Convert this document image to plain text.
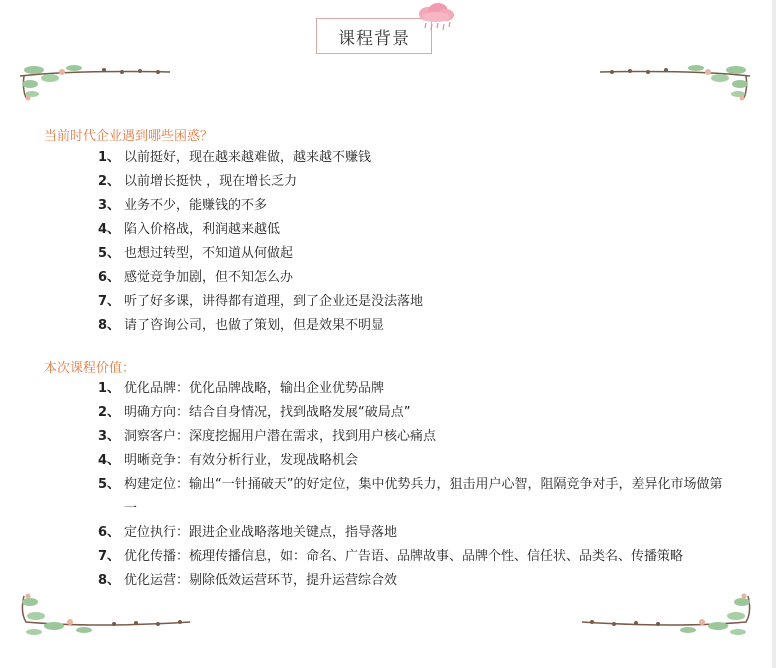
课程背景
当前时代企业遇到哪些困惑？
1、 以前挺好，现在越来越难做，越来越不赚钱
2、 以前增长挺快 ，现在增长乏力
3、 业务不少，能赚钱的不多
4、 陷入价格战，利润越来越低
5、 也想过转型，不知道从何做起
6、 感觉竞争加剧，但不知怎么办
7、 听了好多课，讲得都有道理，到了企业还是没法落地
8、 请了咨询公司，也做了策划，但是效果不明显
本次课程价值：
1、 优化品牌：优化品牌战略，输出企业优势品牌
2、 明确方向：结合自身情况，找到战略发展“破局点”
3、 洞察客户：深度挖掘用户潜在需求，找到用户核心痛点
4、 明晰竞争：有效分析行业，发现战略机会
5、 构建定位：输出“一针捅破天”的好定位，集中优势兵力，狙击用户心智，阻隔竞争对手，差异化市场做第一
6、 定位执行：跟进企业战略落地关键点，指导落地
7、 优化传播：梳理传播信息，如：命名、广告语、品牌故事、品牌个性、信任状、品类名、传播策略
8、 优化运营：剔除低效运营环节，提升运营综合效
